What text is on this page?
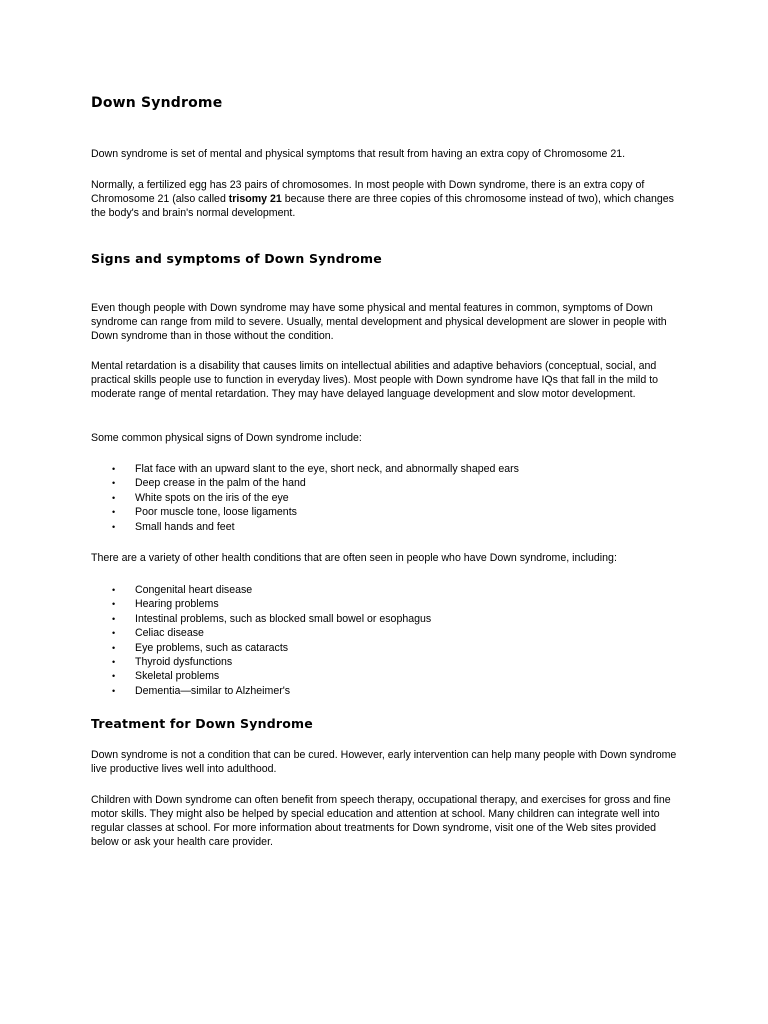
Down Syndrome

Down syndrome is set of mental and physical symptoms that result from having an extra copy of Chromosome 21.

Normally, a fertilized egg has 23 pairs of chromosomes. In most people with Down syndrome, there is an extra copy of Chromosome 21 (also called trisomy 21 because there are three copies of this chromosome instead of two), which changes the body's and brain's normal development.

Signs and symptoms of Down Syndrome

Even though people with Down syndrome may have some physical and mental features in common, symptoms of Down syndrome can range from mild to severe. Usually, mental development and physical development are slower in people with Down syndrome than in those without the condition.

Mental retardation is a disability that causes limits on intellectual abilities and adaptive behaviors (conceptual, social, and practical skills people use to function in everyday lives). Most people with Down syndrome have IQs that fall in the mild to moderate range of mental retardation. They may have delayed language development and slow motor development.

Some common physical signs of Down syndrome include:

• Flat face with an upward slant to the eye, short neck, and abnormally shaped ears
• Deep crease in the palm of the hand
• White spots on the iris of the eye
• Poor muscle tone, loose ligaments
• Small hands and feet

There are a variety of other health conditions that are often seen in people who have Down syndrome, including:

• Congenital heart disease
• Hearing problems
• Intestinal problems, such as blocked small bowel or esophagus
• Celiac disease
• Eye problems, such as cataracts
• Thyroid dysfunctions
• Skeletal problems
• Dementia—similar to Alzheimer's
Treatment for Down Syndrome

Down syndrome is not a condition that can be cured. However, early intervention can help many people with Down syndrome live productive lives well into adulthood.

Children with Down syndrome can often benefit from speech therapy, occupational therapy, and exercises for gross and fine motor skills. They might also be helped by special education and attention at school. Many children can integrate well into regular classes at school. For more information about treatments for Down syndrome, visit one of the Web sites provided below or ask your health care provider.
